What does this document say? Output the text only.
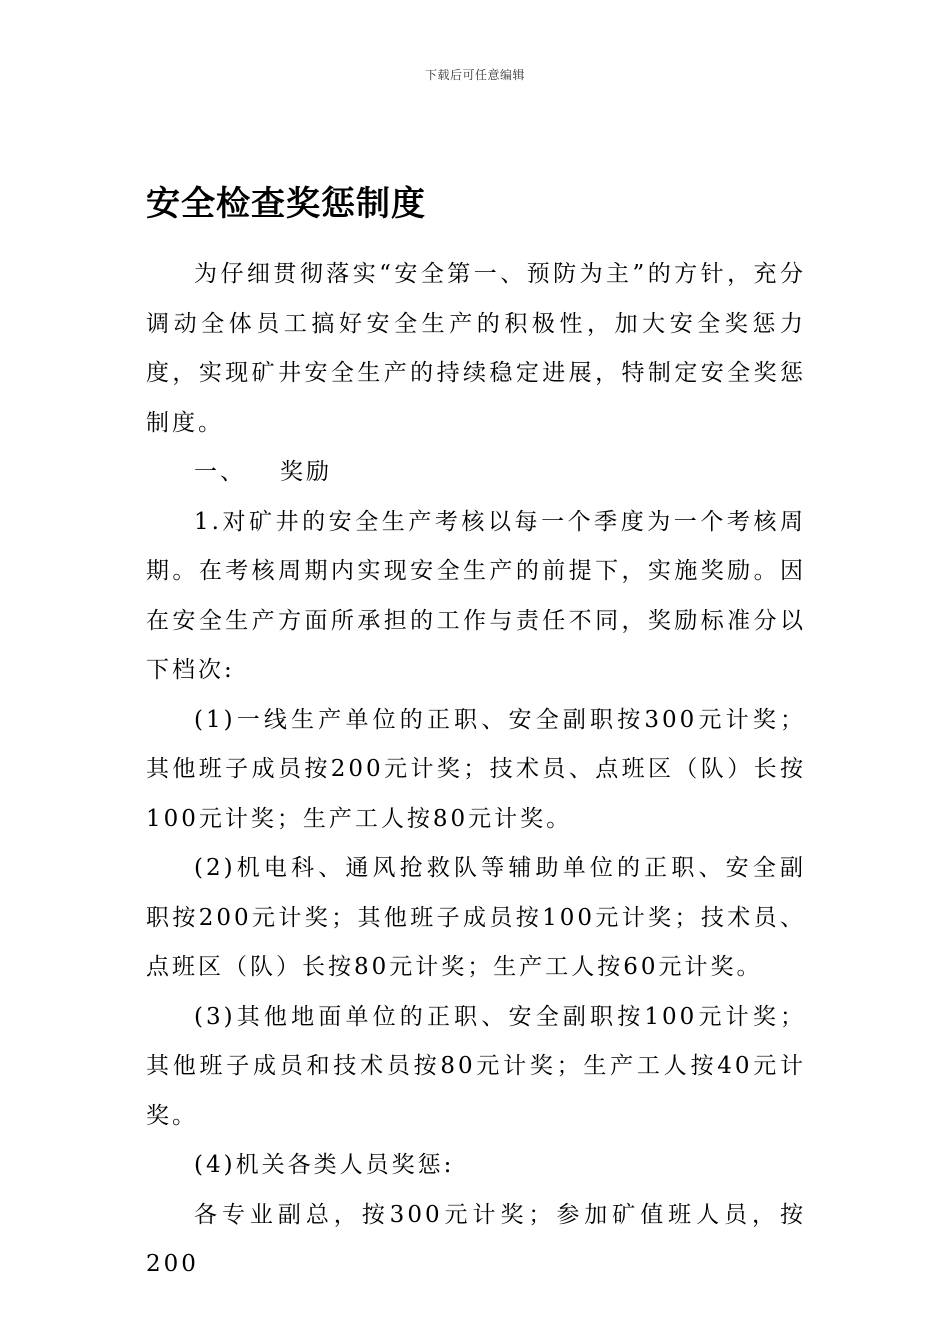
下载后可任意编辑
安全检查奖惩制度

为仔细贯彻落实“安全第一、预防为主”的方针，充分调动全体员工搞好安全生产的积极性，加大安全奖惩力度，实现矿井安全生产的持续稳定进展，特制定安全奖惩制度。

一、 奖励

1.对矿井的安全生产考核以每一个季度为一个考核周期。在考核周期内实现安全生产的前提下，实施奖励。因在安全生产方面所承担的工作与责任不同，奖励标准分以下档次:

(1)一线生产单位的正职、安全副职按300元计奖；其他班子成员按200元计奖；技术员、点班区（队）长按100元计奖；生产工人按80元计奖。

(2)机电科、通风抢救队等辅助单位的正职、安全副职按200元计奖；其他班子成员按100元计奖；技术员、点班区（队）长按80元计奖；生产工人按60元计奖。

(3)其他地面单位的正职、安全副职按100元计奖；其他班子成员和技术员按80元计奖；生产工人按40元计奖。

(4)机关各类人员奖惩:

各专业副总，按300元计奖；参加矿值班人员，按200
